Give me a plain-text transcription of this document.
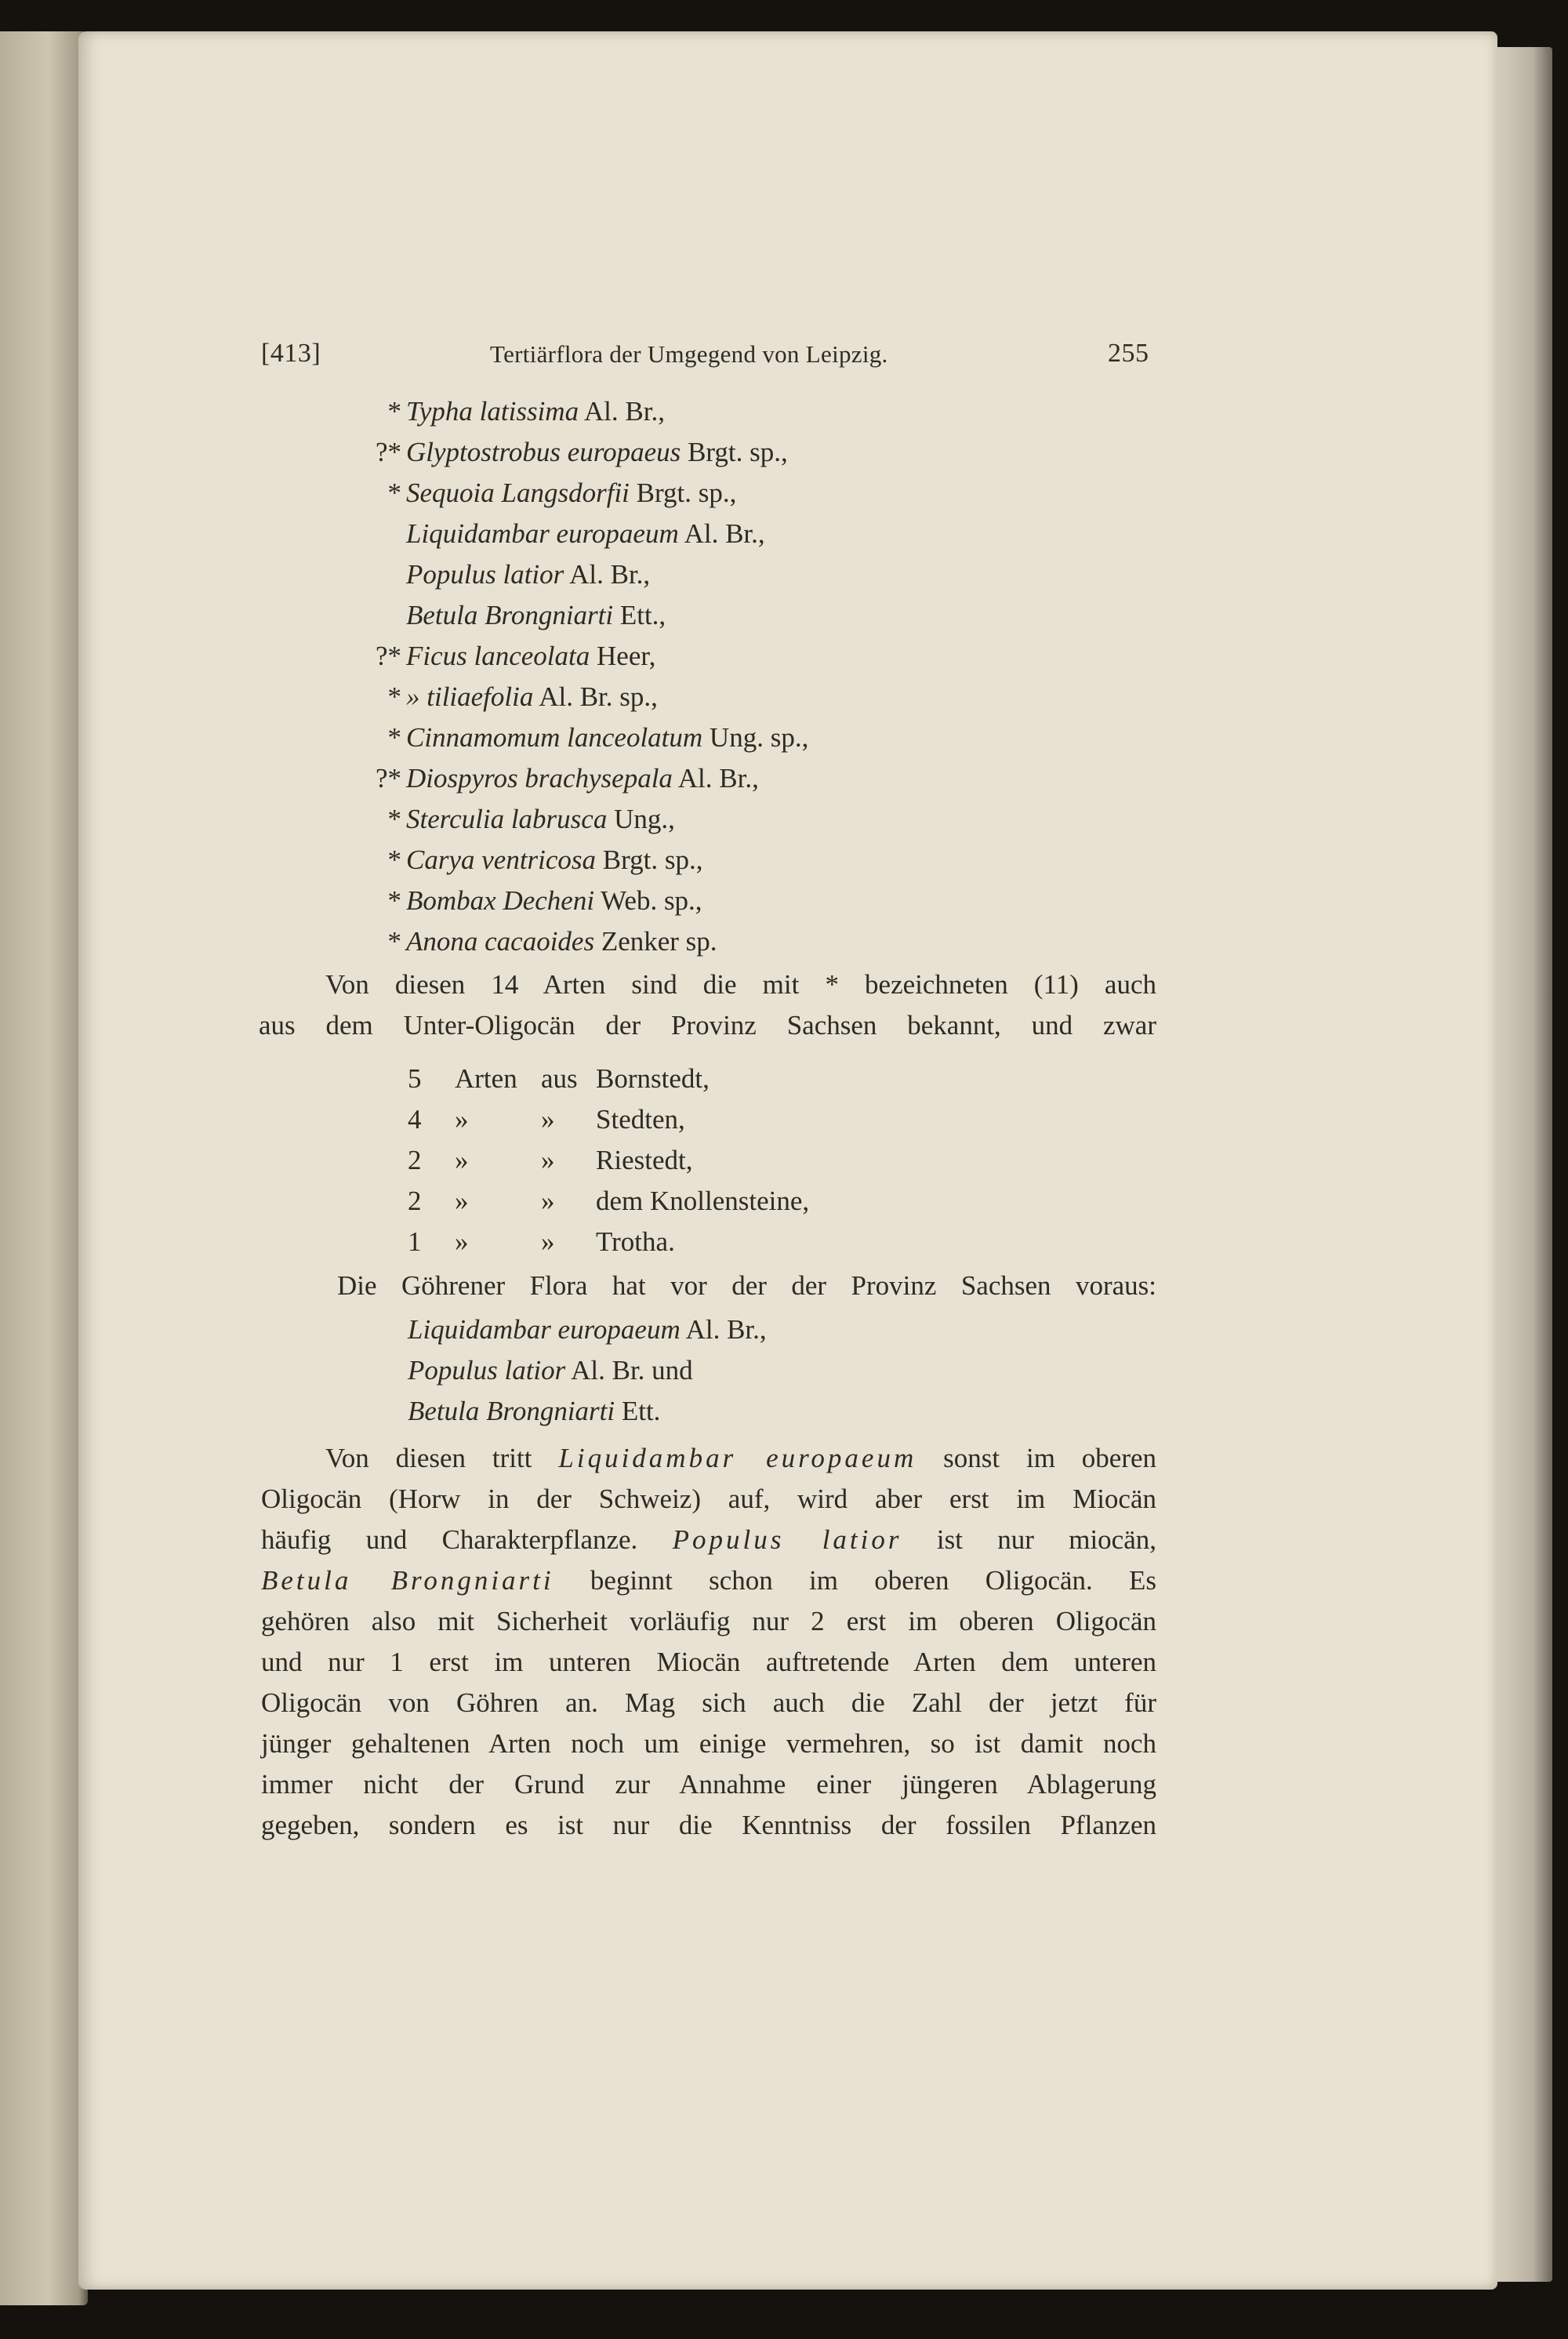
[413]	Tertiärflora der Umgegend von Leipzig.	255
* Typha latissima Al. Br.,
?* Glyptostrobus europaeus Brgt. sp.,
* Sequoia Langsdorfii Brgt. sp.,
Liquidambar europaeum Al. Br.,
Populus latior Al. Br.,
Betula Brongniarti Ett.,
?* Ficus lanceolata Heer,
* » tiliaefolia Al. Br. sp.,
* Cinnamomum lanceolatum Ung. sp.,
?* Diospyros brachysepala Al. Br.,
* Sterculia labrusca Ung.,
* Carya ventricosa Brgt. sp.,
* Bombax Decheni Web. sp.,
* Anona cacaoides Zenker sp.
Von diesen 14 Arten sind die mit * bezeichneten (11) auch
aus dem Unter-Oligocän der Provinz Sachsen bekannt, und zwar
5 Arten aus Bornstedt,
4 »	» Stedten,
2 »	» Riestedt,
2 »	» dem Knollensteine,
1 »	» Trotha.
Die Göhrener Flora hat vor der der Provinz Sachsen voraus:
Liquidambar europaeum Al. Br.,
Populus latior Al. Br. und
Betula Brongniarti Ett.
Von diesen tritt Liquidambar europaeum sonst im oberen
Oligocän (Horw in der Schweiz) auf, wird aber erst im Miocän
häufig und Charakterpflanze. Populus latior ist nur miocän,
Betula Brongniarti beginnt schon im oberen Oligocän. Es
gehören also mit Sicherheit vorläufig nur 2 erst im oberen Oligocän
und nur 1 erst im unteren Miocän auftretende Arten dem unteren
Oligocän von Göhren an. Mag sich auch die Zahl der jetzt für
jünger gehaltenen Arten noch um einige vermehren, so ist damit noch
immer nicht der Grund zur Annahme einer jüngeren Ablagerung
gegeben, sondern es ist nur die Kenntniss der fossilen Pflanzen
